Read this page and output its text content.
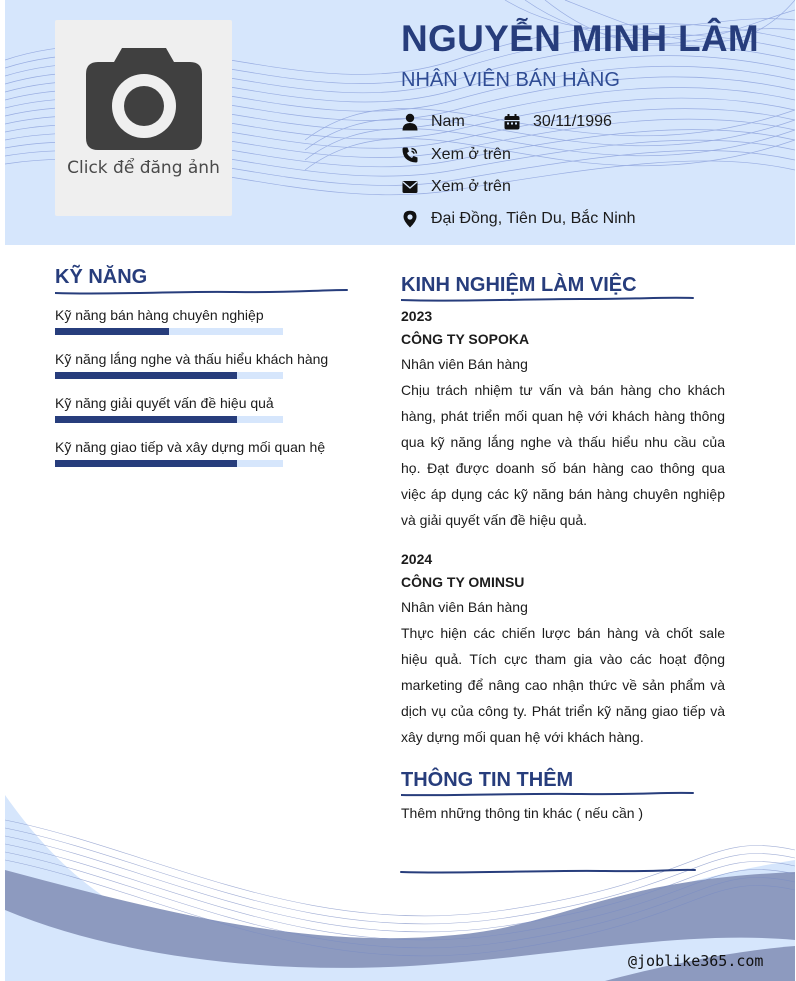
Click để đăng ảnh
NGUYỄN MINH LÂM
NHÂN VIÊN BÁN HÀNG
Nam	30/11/1996
Xem ở trên
Xem ở trên
Đại Đồng, Tiên Du, Bắc Ninh
KỸ NĂNG
Kỹ năng bán hàng chuyên nghiệp
Kỹ năng lắng nghe và thấu hiểu khách hàng
Kỹ năng giải quyết vấn đề hiệu quả
Kỹ năng giao tiếp và xây dựng mối quan hệ
KINH NGHIỆM LÀM VIỆC
2023
CÔNG TY SOPOKA
Nhân viên Bán hàng
Chịu trách nhiệm tư vấn và bán hàng cho khách hàng, phát triển mối quan hệ với khách hàng thông qua kỹ năng lắng nghe và thấu hiểu nhu cầu của họ. Đạt được doanh số bán hàng cao thông qua việc áp dụng các kỹ năng bán hàng chuyên nghiệp và giải quyết vấn đề hiệu quả.
2024
CÔNG TY OMINSU
Nhân viên Bán hàng
Thực hiện các chiến lược bán hàng và chốt sale hiệu quả. Tích cực tham gia vào các hoạt động marketing để nâng cao nhận thức về sản phẩm và dịch vụ của công ty. Phát triển kỹ năng giao tiếp và xây dựng mối quan hệ với khách hàng.
THÔNG TIN THÊM
Thêm những thông tin khác ( nếu cần )
@joblike365.com
